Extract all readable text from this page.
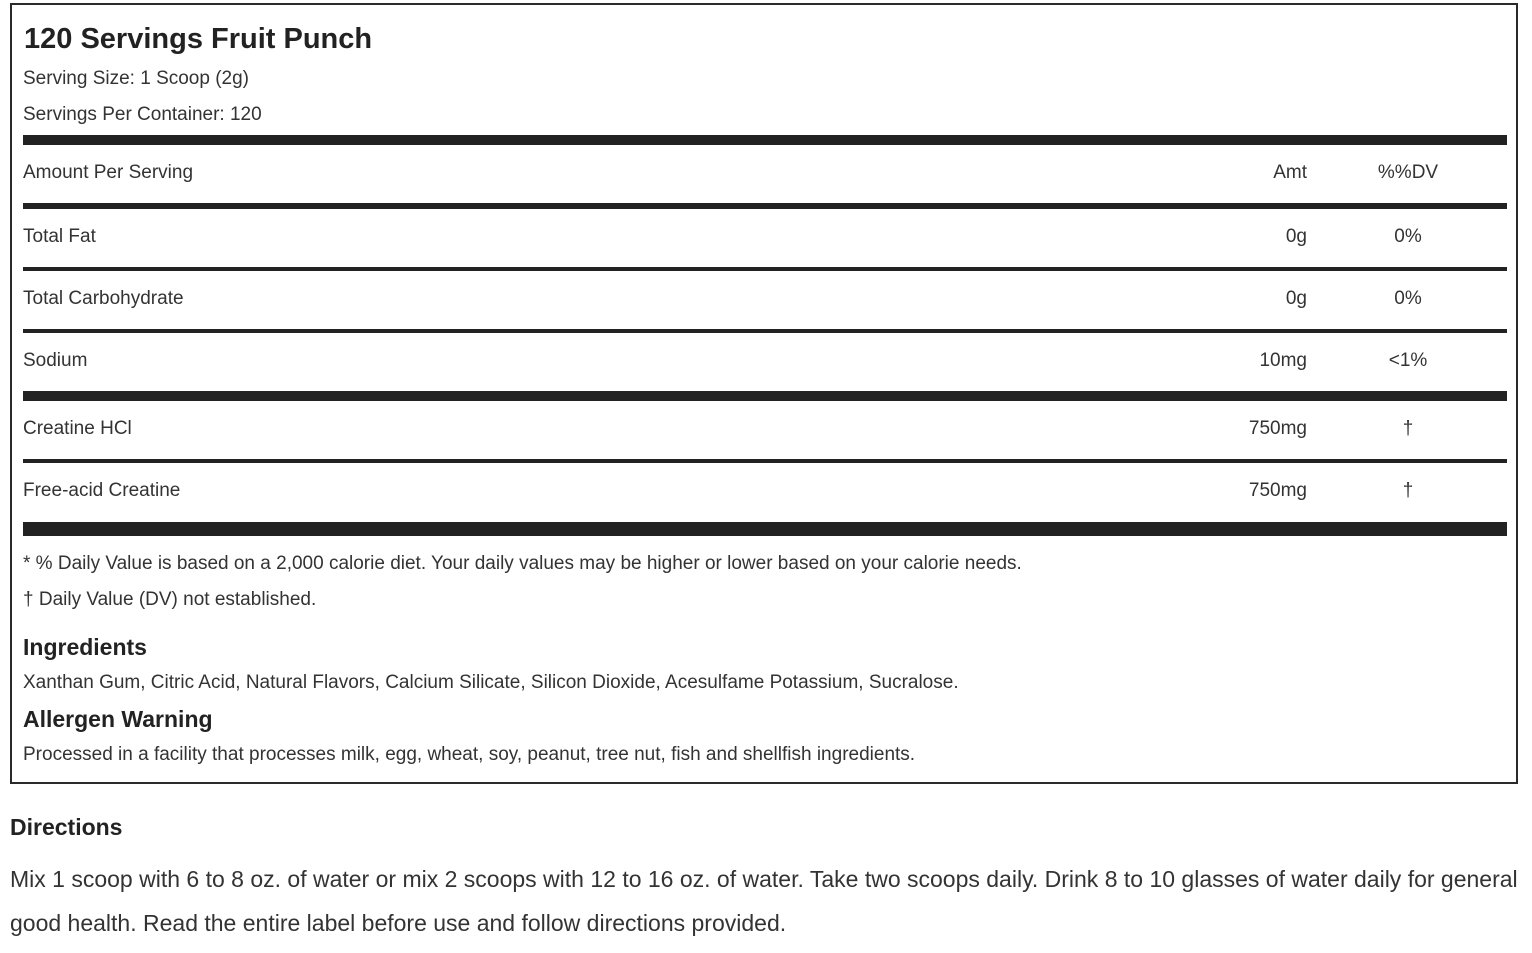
120 Servings Fruit Punch
Serving Size: 1 Scoop (2g)
Servings Per Container: 120
Amount Per Serving	Amt	%%DV
Total Fat	0g	0%
Total Carbohydrate	0g	0%
Sodium	10mg	<1%
Creatine HCl	750mg	†
Free-acid Creatine	750mg	†
* % Daily Value is based on a 2,000 calorie diet. Your daily values may be higher or lower based on your calorie needs.
† Daily Value (DV) not established.
Ingredients
Xanthan Gum, Citric Acid, Natural Flavors, Calcium Silicate, Silicon Dioxide, Acesulfame Potassium, Sucralose.
Allergen Warning
Processed in a facility that processes milk, egg, wheat, soy, peanut, tree nut, fish and shellfish ingredients.
Directions
Mix 1 scoop with 6 to 8 oz. of water or mix 2 scoops with 12 to 16 oz. of water. Take two scoops daily. Drink 8 to 10 glasses of water daily for general good health. Read the entire label before use and follow directions provided.
